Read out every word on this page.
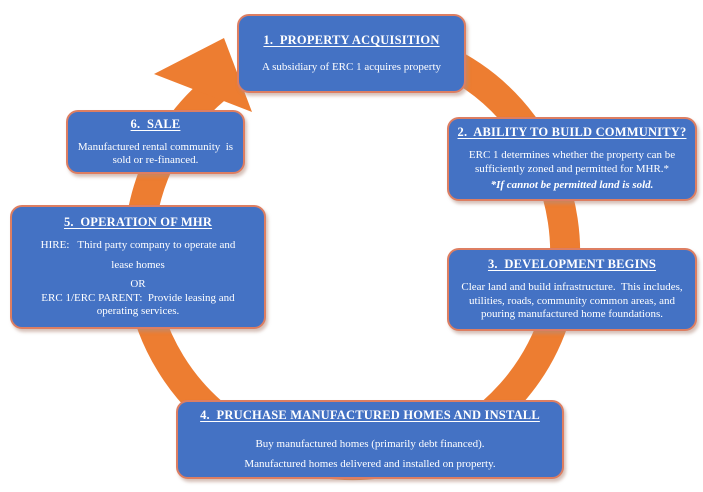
1.  PROPERTY ACQUISITION
A subsidiary of ERC 1 acquires property
2.  ABILITY TO BUILD COMMUNITY?
ERC 1 determines whether the property can be
sufficiently zoned and permitted for MHR.*
*If cannot be permitted land is sold.
3.  DEVELOPMENT BEGINS
Clear land and build infrastructure.  This includes,
utilities, roads, community common areas, and
pouring manufactured home foundations.
4.  PRUCHASE MANUFACTURED HOMES AND INSTALL
Buy manufactured homes (primarily debt financed).
Manufactured homes delivered and installed on property.
5.  OPERATION OF MHR
HIRE:   Third party company to operate and
lease homes
OR
ERC 1/ERC PARENT:  Provide leasing and
operating services.
6.  SALE
Manufactured rental community  is
sold or re-financed.
